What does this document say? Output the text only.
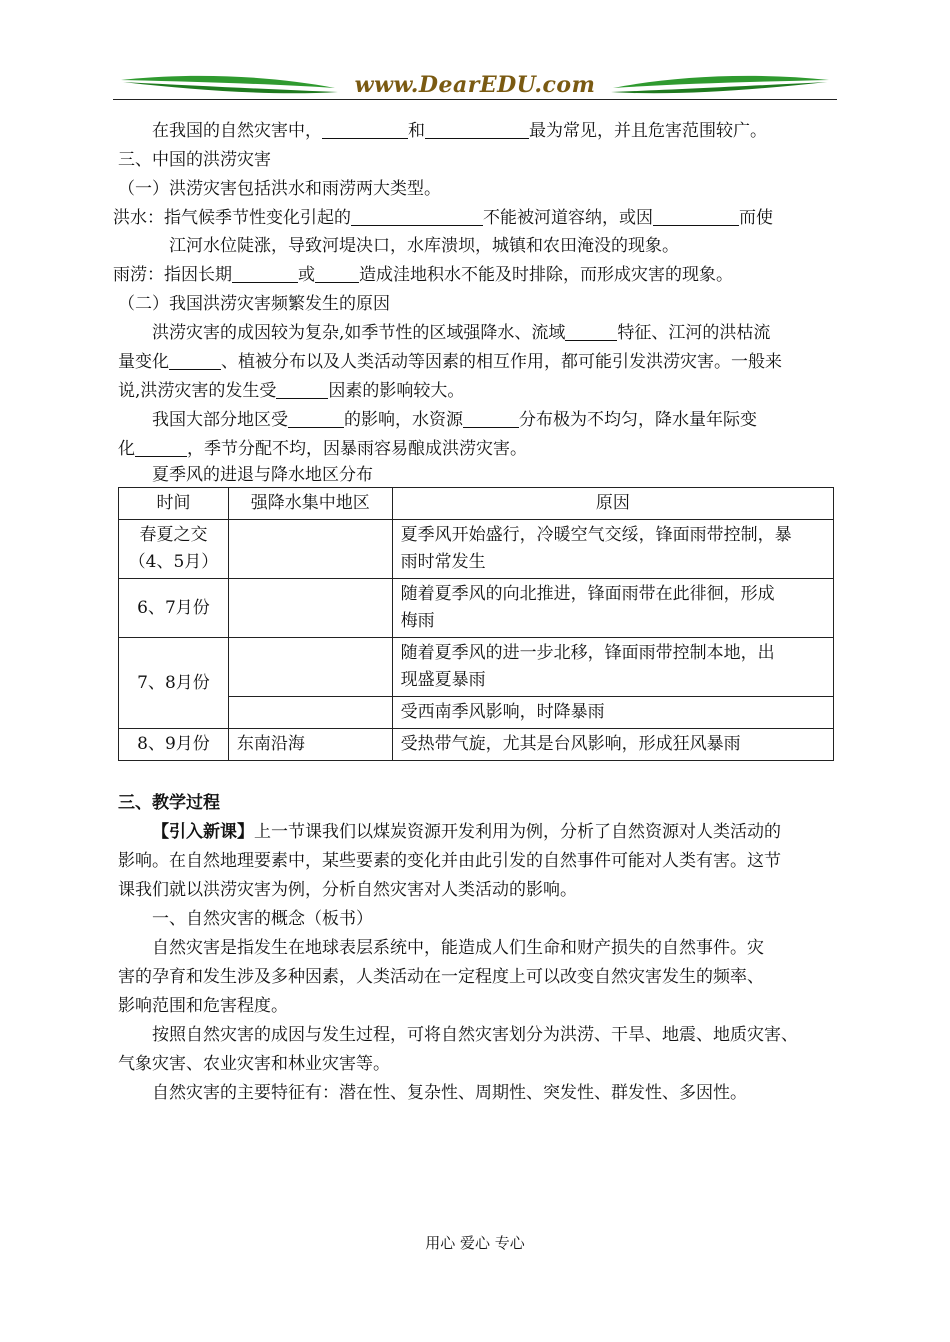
www.DearEDU.com
在我国的自然灾害中，	和	最为常见，并且危害范围较广。
三、中国的洪涝灾害
（一）洪涝灾害包括洪水和雨涝两大类型。
洪水：指气候季节性变化引起的	不能被河道容纳，或因	而使
江河水位陡涨，导致河堤决口，水库溃坝，城镇和农田淹没的现象。
雨涝：指因长期	或	造成洼地积水不能及时排除，而形成灾害的现象。
（二）我国洪涝灾害频繁发生的原因
洪涝灾害的成因较为复杂,如季节性的区域强降水、流域	特征、江河的洪枯流
量变化	、植被分布以及人类活动等因素的相互作用，都可能引发洪涝灾害。一般来
说,洪涝灾害的发生受	因素的影响较大。
我国大部分地区受	的影响，水资源	分布极为不均匀，降水量年际变
化	，季节分配不均，因暴雨容易酿成洪涝灾害。
夏季风的进退与降水地区分布
时间	强降水集中地区	原因
春夏之交
（4、5月）		夏季风开始盛行，冷暖空气交绥，锋面雨带控制，暴
雨时常发生
6、7月份		随着夏季风的向北推进，锋面雨带在此徘徊，形成
梅雨
7、8月份		随着夏季风的进一步北移，锋面雨带控制本地，出
现盛夏暴雨
		受西南季风影响，时降暴雨
8、9月份	东南沿海	受热带气旋，尤其是台风影响，形成狂风暴雨
三、教学过程
【引入新课】上一节课我们以煤炭资源开发利用为例，分析了自然资源对人类活动的
影响。在自然地理要素中，某些要素的变化并由此引发的自然事件可能对人类有害。这节
课我们就以洪涝灾害为例，分析自然灾害对人类活动的影响。
一、自然灾害的概念（板书）
自然灾害是指发生在地球表层系统中，能造成人们生命和财产损失的自然事件。灾
害的孕育和发生涉及多种因素，人类活动在一定程度上可以改变自然灾害发生的频率、
影响范围和危害程度。
按照自然灾害的成因与发生过程，可将自然灾害划分为洪涝、干旱、地震、地质灾害、
气象灾害、农业灾害和林业灾害等。
自然灾害的主要特征有：潜在性、复杂性、周期性、突发性、群发性、多因性。
用心 爱心 专心
